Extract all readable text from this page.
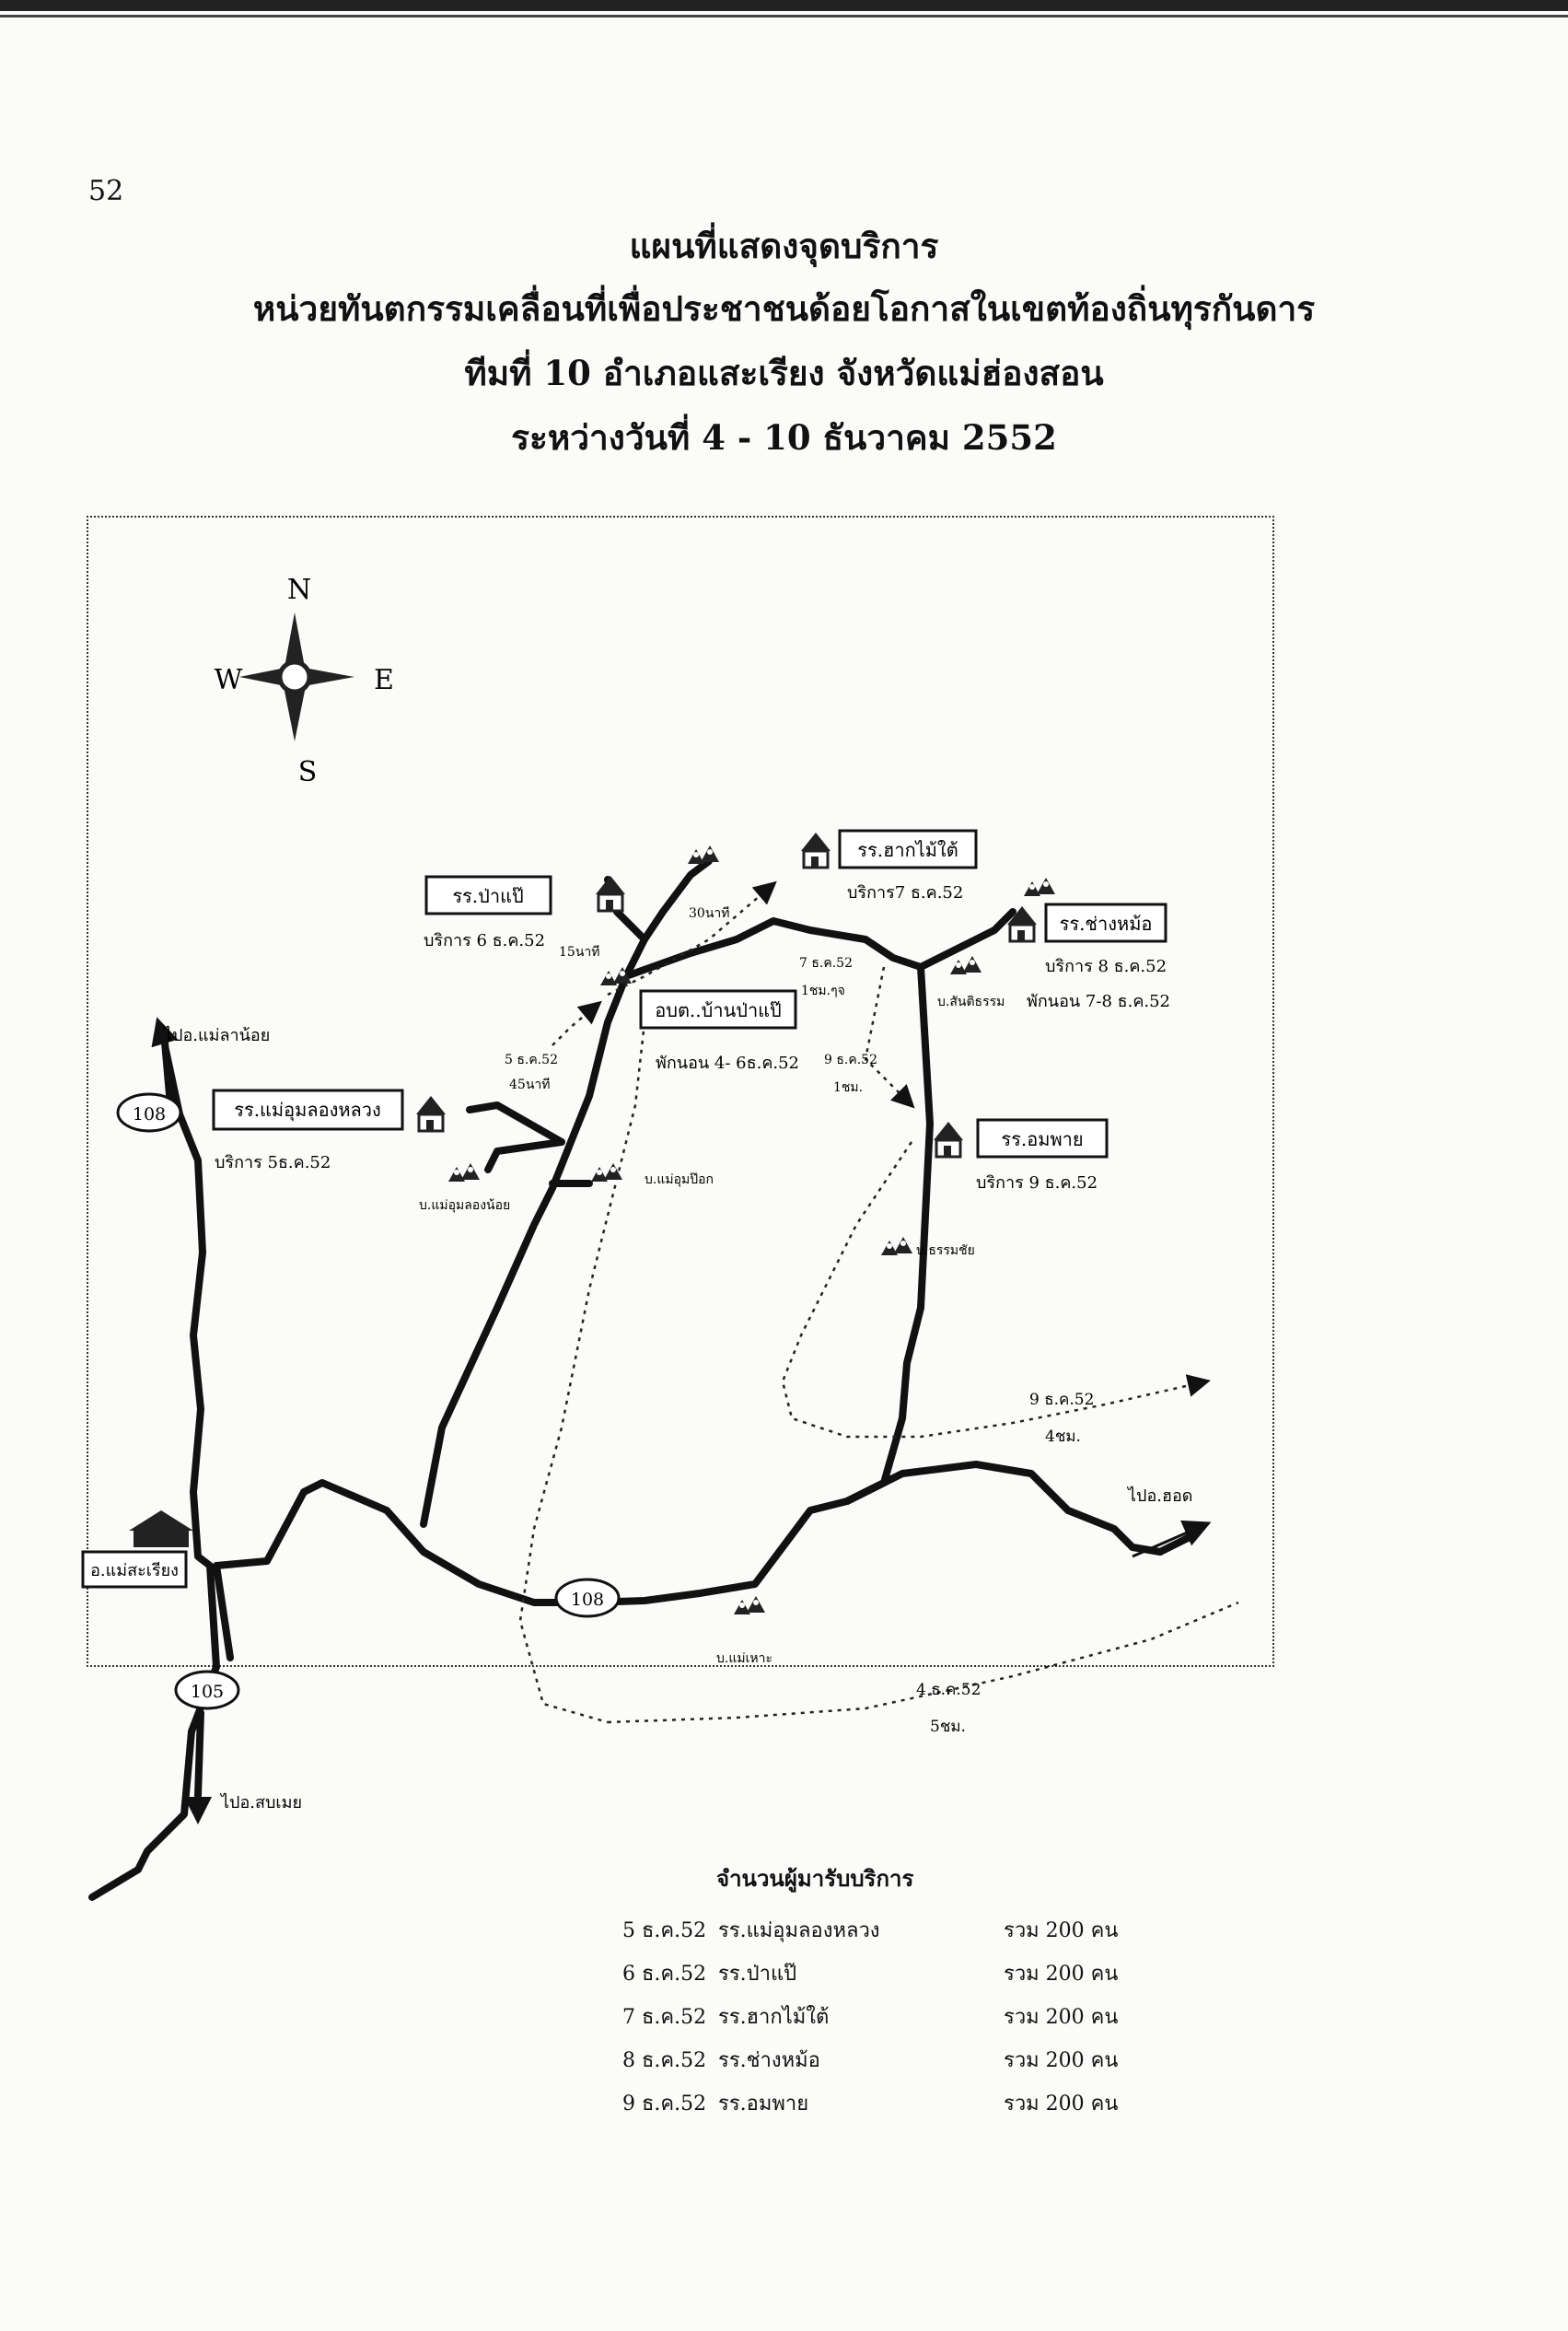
52
แผนที่แสดงจุดบริการ
หน่วยทันตกรรมเคลื่อนที่เพื่อประชาชนด้อยโอกาสในเขตท้องถิ่นทุรกันดาร
ทีมที่ 10 อำเภอแสะเรียง จังหวัดแม่ฮ่องสอน
ระหว่างวันที่ 4 - 10 ธันวาคม 2552
N
S
E
W
108
108
105
รร.ป่าแป๊
รร.ฮากไม้ใต้
รร.ช่างหม้อ
อบต..บ้านป่าแป๊
รร.แม่อุมลองหลวง
รร.อมพาย
อ.แม่สะเรียง
บริการ 6 ธ.ค.52
บริการ7 ธ.ค.52
บริการ 8 ธ.ค.52
พักนอน 7-8 ธ.ค.52
พักนอน 4- 6ธ.ค.52
บริการ 5ธ.ค.52
บริการ 9 ธ.ค.52
ไปอ.แม่ลาน้อย
ไปอ.ฮอด
ไปอ.สบเมย
บ.สันติธรรม
บ.แม่อุมลองน้อย
บ.แม่อุมป๊อก
บ.ธรรมชัย
บ.แม่เหาะ
15นาที
30นาที
7 ธ.ค.52
1ชม.ๆจ
5 ธ.ค.52
45นาที
9 ธ.ค.52
1ชม.
9 ธ.ค.52
4ชม.
4 ธ.ค.52
5ชม.
จำนวนผู้มารับบริการ
5 ธ.ค.52 รร.แม่อุมลองหลวง	รวม 200 คน
6 ธ.ค.52 รร.ป่าแป๊	รวม 200 คน
7 ธ.ค.52 รร.ฮากไม้ใต้	รวม 200 คน
8 ธ.ค.52 รร.ช่างหม้อ	รวม 200 คน
9 ธ.ค.52 รร.อมพาย	รวม 200 คน
